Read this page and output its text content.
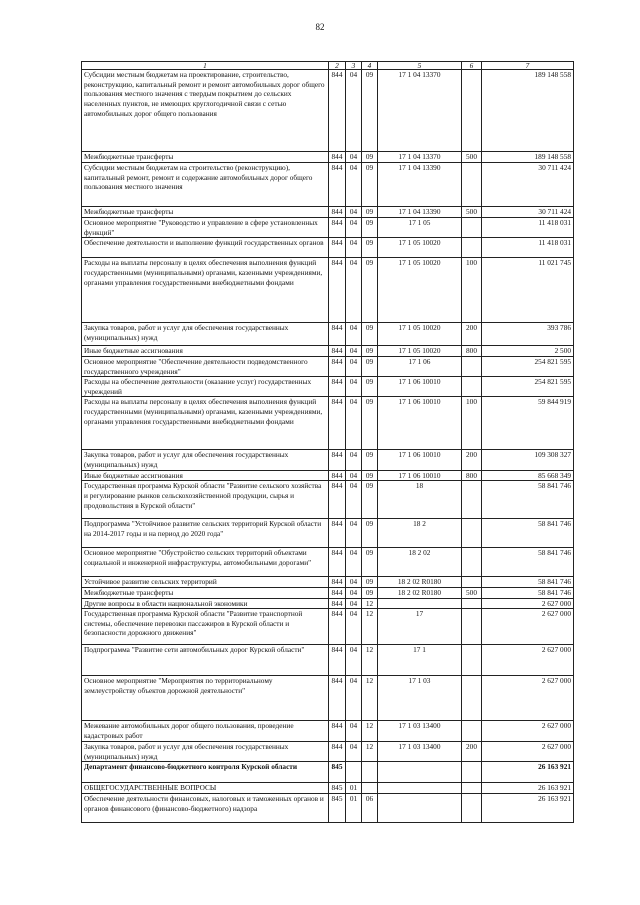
82
1	2	3	4	5	6	7
Субсидии местным бюджетам на проектирование, строительство, реконструкцию, капитальный ремонт и ремонт автомобильных дорог общего пользования местного значения с твердым покрытием до сельских населенных пунктов, не имеющих круглогодичной связи с сетью автомобильных дорог общего пользования	844	04	09	17 1 04 13370		189 148 558
Межбюджетные трансферты	844	04	09	17 1 04 13370	500	189 148 558
Субсидии местным бюджетам на строительство (реконструкцию), капитальный ремонт, ремонт и содержание автомобильных дорог общего пользования местного значения	844	04	09	17 1 04 13390		30 711 424
Межбюджетные трансферты	844	04	09	17 1 04 13390	500	30 711 424
Основное мероприятие "Руководство и управление в сфере установленных функций"	844	04	09	17 1 05		11 418 031
Обеспечение деятельности и выполнение функций государственных органов	844	04	09	17 1 05 10020		11 418 031
Расходы на выплаты персоналу в целях обеспечения выполнения функций государственными (муниципальными) органами, казенными учреждениями, органами управления государственными внебюджетными фондами	844	04	09	17 1 05 10020	100	11 021 745
Закупка товаров, работ и услуг для обеспечения государственных (муниципальных) нужд	844	04	09	17 1 05 10020	200	393 786
Иные бюджетные ассигнования	844	04	09	17 1 05 10020	800	2 500
Основное мероприятие "Обеспечение деятельности подведомственного государственного учреждения"	844	04	09	17 1 06		254 821 595
Расходы на обеспечение деятельности (оказание услуг) государственных учреждений	844	04	09	17 1 06 10010		254 821 595
Расходы на выплаты персоналу в целях обеспечения выполнения функций государственными (муниципальными) органами, казенными учреждениями, органами управления государственными внебюджетными фондами	844	04	09	17 1 06 10010	100	59 844 919
Закупка товаров, работ и услуг для обеспечения государственных (муниципальных) нужд	844	04	09	17 1 06 10010	200	109 308 327
Иные бюджетные ассигнования	844	04	09	17 1 06 10010	800	85 668 349
Государственная программа Курской области "Развитие сельского хозяйства и регулирование рынков сельскохозяйственной продукции, сырья и продовольствия в Курской области"	844	04	09	18		58 841 746
Подпрограмма "Устойчивое развитие сельских территорий Курской области на 2014-2017 годы и на период до 2020 года"	844	04	09	18 2		58 841 746
Основное мероприятие "Обустройство сельских территорий объектами социальной и инженерной инфраструктуры, автомобильными дорогами"	844	04	09	18 2 02		58 841 746
Устойчивое развитие сельских территорий	844	04	09	18 2 02 R0180		58 841 746
Межбюджетные трансферты	844	04	09	18 2 02 R0180	500	58 841 746
Другие вопросы в области национальной экономики	844	04	12			2 627 000
Государственная программа Курской области "Развитие транспортной системы, обеспечение перевозки пассажиров в Курской области и безопасности дорожного движения"	844	04	12	17		2 627 000
Подпрограмма "Развитие сети автомобильных дорог Курской области"	844	04	12	17 1		2 627 000
Основное мероприятие "Мероприятия по территориальному землеустройству объектов дорожной деятельности"	844	04	12	17 1 03		2 627 000
Межевание автомобильных дорог общего пользования, проведение кадастровых работ	844	04	12	17 1 03 13400		2 627 000
Закупка товаров, работ и услуг для обеспечения государственных (муниципальных) нужд	844	04	12	17 1 03 13400	200	2 627 000
Департамент финансово-бюджетного контроля Курской области	845					26 163 921
ОБЩЕГОСУДАРСТВЕННЫЕ ВОПРОСЫ	845	01				26 163 921
Обеспечение деятельности финансовых, налоговых и таможенных органов и органов финансового (финансово-бюджетного) надзора	845	01	06			26 163 921
